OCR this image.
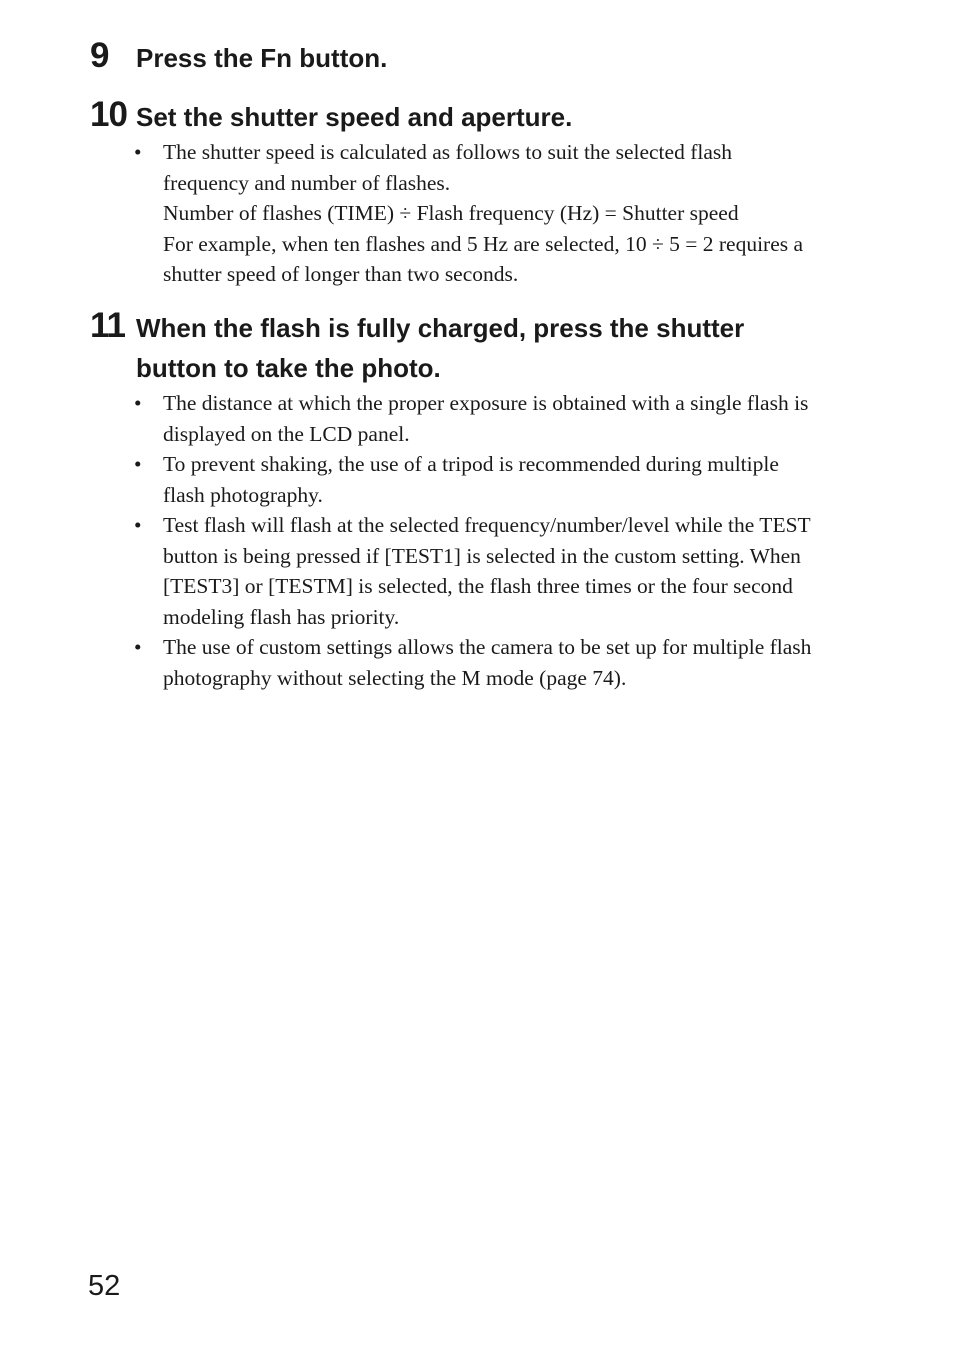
9 Press the Fn button.
10 Set the shutter speed and aperture.
• The shutter speed is calculated as follows to suit the selected flash
frequency and number of flashes.
Number of flashes (TIME) ÷ Flash frequency (Hz) = Shutter speed
For example, when ten flashes and 5 Hz are selected, 10 ÷ 5 = 2 requires a
shutter speed of longer than two seconds.
11 When the flash is fully charged, press the shutter
button to take the photo.
• The distance at which the proper exposure is obtained with a single flash is
displayed on the LCD panel.
• To prevent shaking, the use of a tripod is recommended during multiple
flash photography.
• Test flash will flash at the selected frequency/number/level while the TEST
button is being pressed if [TEST1] is selected in the custom setting. When
[TEST3] or [TESTM] is selected, the flash three times or the four second
modeling flash has priority.
• The use of custom settings allows the camera to be set up for multiple flash
photography without selecting the M mode (page 74).
52
